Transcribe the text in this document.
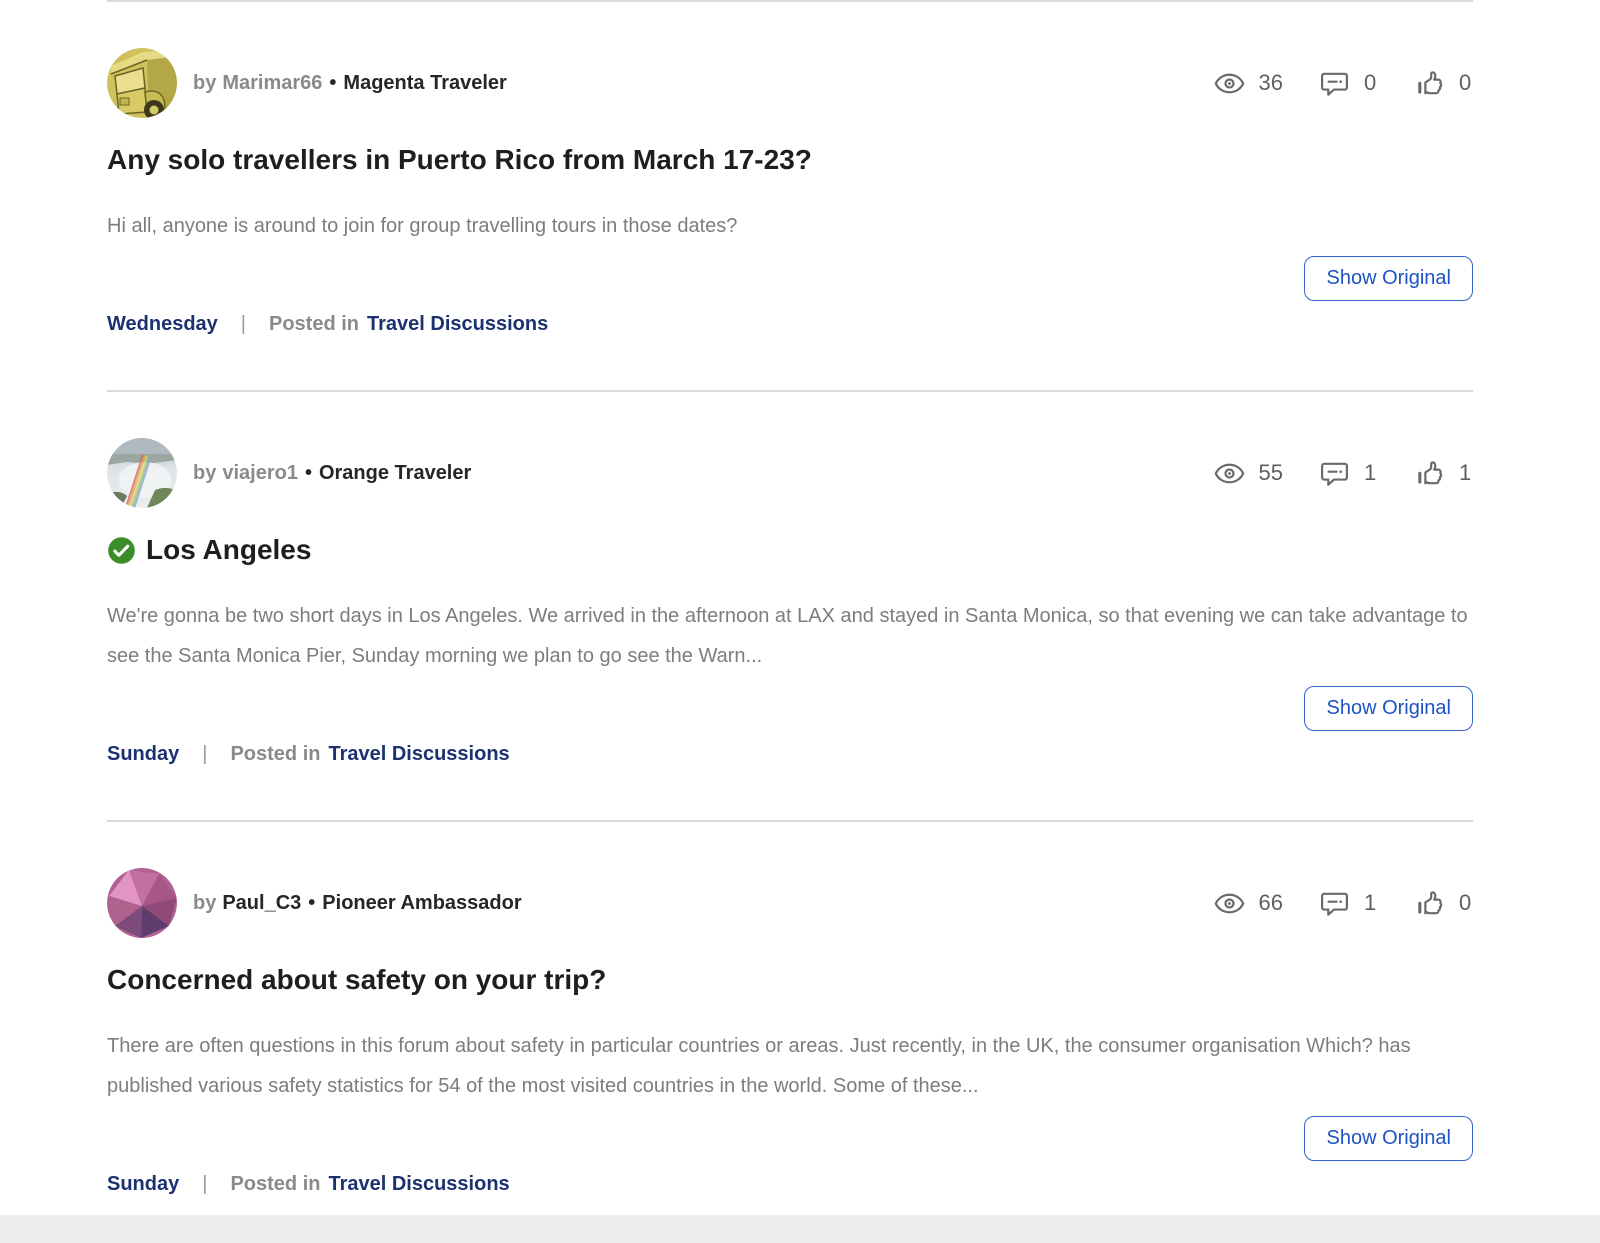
by Marimar66 • Magenta Traveler	36	0	0
Any solo travellers in Puerto Rico from March 17-23?

Hi all, anyone is around to join for group travelling tours in those dates?

Show Original
Wednesday | Posted in Travel Discussions
by viajero1 • Orange Traveler	55	1	1
Los Angeles

We're gonna be two short days in Los Angeles. We arrived in the afternoon at LAX and stayed in Santa Monica, so that evening we can take advantage to see the Santa Monica Pier, Sunday morning we plan to go see the Warn...

Show Original
Sunday | Posted in Travel Discussions
by Paul_C3 • Pioneer Ambassador	66	1	0
Concerned about safety on your trip?

There are often questions in this forum about safety in particular countries or areas. Just recently, in the UK, the consumer organisation Which? has published various safety statistics for 54 of the most visited countries in the world. Some of these...

Show Original
Sunday | Posted in Travel Discussions
